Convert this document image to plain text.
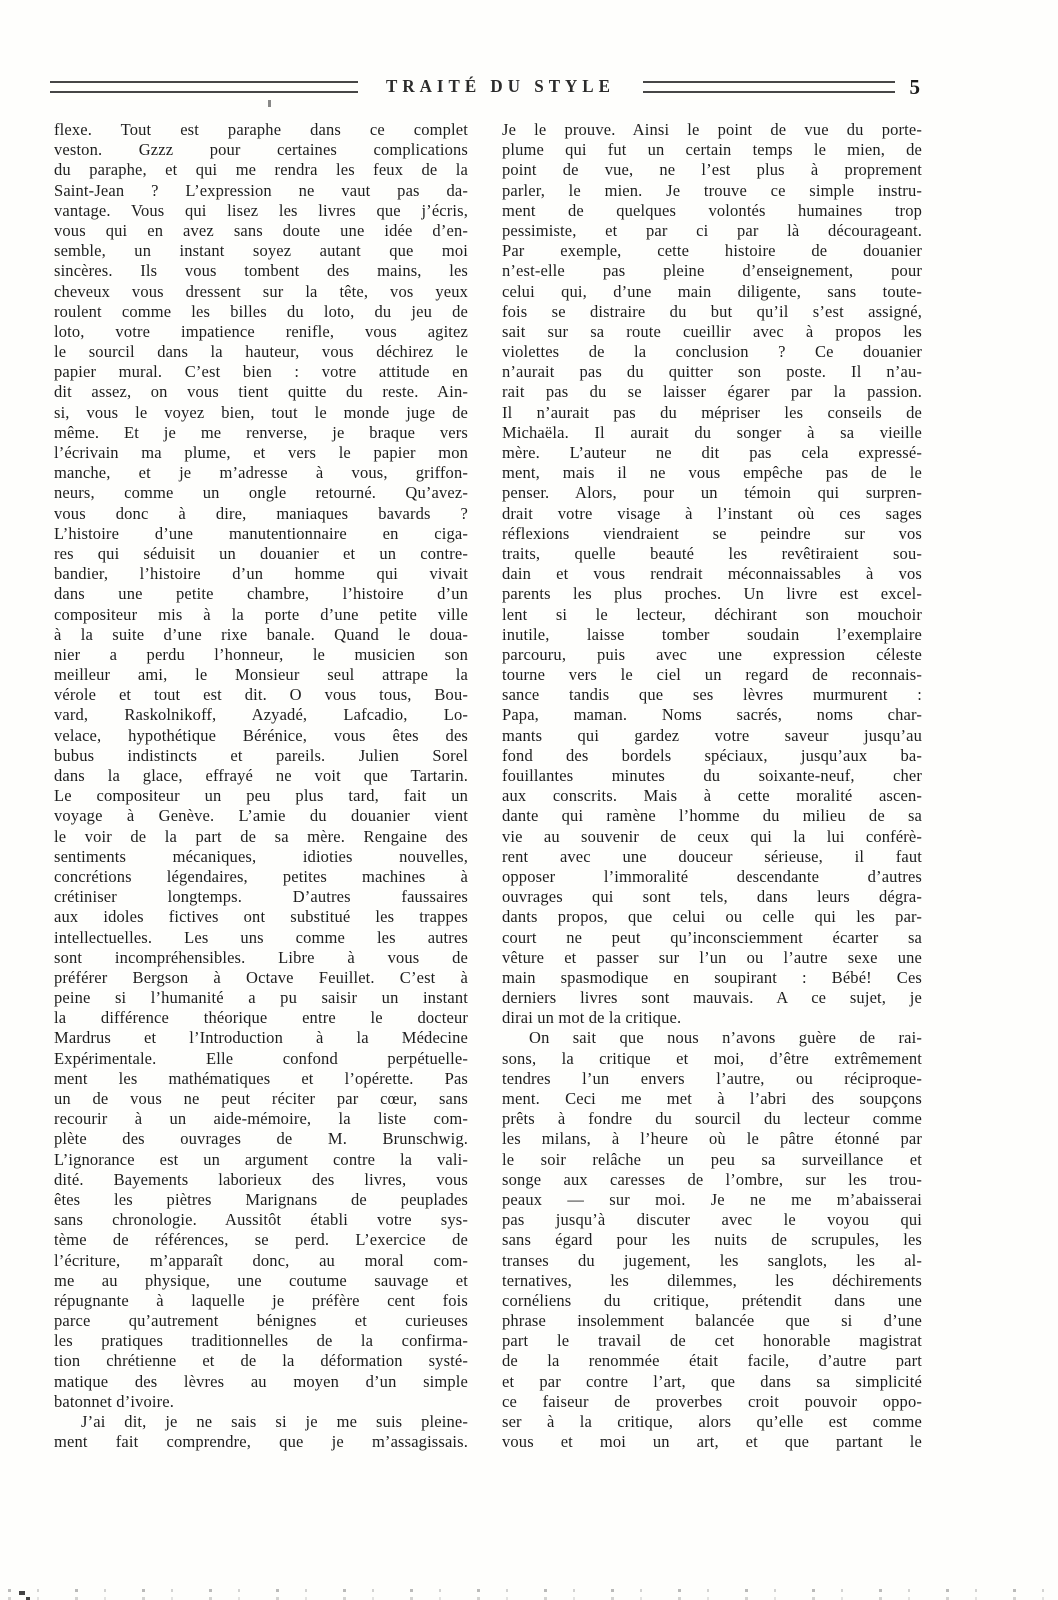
TRAITÉ DU STYLE	5
flexe. Tout est paraphe dans ce complet
veston. Gzzz pour certaines complications
du paraphe, et qui me rendra les feux de la
Saint-Jean ? L’expression ne vaut pas da-
vantage. Vous qui lisez les livres que j’écris,
vous qui en avez sans doute une idée d’en-
semble, un instant soyez autant que moi
sincères. Ils vous tombent des mains, les
cheveux vous dressent sur la tête, vos yeux
roulent comme les billes du loto, du jeu de
loto, votre impatience renifle, vous agitez
le sourcil dans la hauteur, vous déchirez le
papier mural. C’est bien : votre attitude en
dit assez, on vous tient quitte du reste. Ain-
si, vous le voyez bien, tout le monde juge de
même. Et je me renverse, je braque vers
l’écrivain ma plume, et vers le papier mon
manche, et je m’adresse à vous, griffon-
neurs, comme un ongle retourné. Qu’avez-
vous donc à dire, maniaques bavards ?
L’histoire d’une manutentionnaire en ciga-
res qui séduisit un douanier et un contre-
bandier, l’histoire d’un homme qui vivait
dans une petite chambre, l’histoire d’un
compositeur mis à la porte d’une petite ville
à la suite d’une rixe banale. Quand le doua-
nier a perdu l’honneur, le musicien son
meilleur ami, le Monsieur seul attrape la
vérole et tout est dit. O vous tous, Bou-
vard, Raskolnikoff, Azyadé, Lafcadio, Lo-
velace, hypothétique Bérénice, vous êtes des
bubus indistincts et pareils. Julien Sorel
dans la glace, effrayé ne voit que Tartarin.
Le compositeur un peu plus tard, fait un
voyage à Genève. L’amie du douanier vient
le voir de la part de sa mère. Rengaine des
sentiments mécaniques, idioties nouvelles,
concrétions légendaires, petites machines à
crétiniser longtemps. D’autres faussaires
aux idoles fictives ont substitué les trappes
intellectuelles. Les uns comme les autres
sont incompréhensibles. Libre à vous de
préférer Bergson à Octave Feuillet. C’est à
peine si l’humanité a pu saisir un instant
la différence théorique entre le docteur
Mardrus et l’Introduction à la Médecine
Expérimentale. Elle confond perpétuelle-
ment les mathématiques et l’opérette. Pas
un de vous ne peut réciter par cœur, sans
recourir à un aide-mémoire, la liste com-
plète des ouvrages de M. Brunschwig.
L’ignorance est un argument contre la vali-
dité. Bayements laborieux des livres, vous
êtes les piètres Marignans de peuplades
sans chronologie. Aussitôt établi votre sys-
tème de références, se perd. L’exercice de
l’écriture, m’apparaît donc, au moral com-
me au physique, une coutume sauvage et
répugnante à laquelle je préfère cent fois
parce qu’autrement bénignes et curieuses
les pratiques traditionnelles de la confirma-
tion chrétienne et de la déformation systé-
matique des lèvres au moyen d’un simple
batonnet d’ivoire.
J’ai dit, je ne sais si je me suis pleine-
ment fait comprendre, que je m’assagissais.
Je le prouve. Ainsi le point de vue du porte-
plume qui fut un certain temps le mien, de
point de vue, ne l’est plus à proprement
parler, le mien. Je trouve ce simple instru-
ment de quelques volontés humaines trop
pessimiste, et par ci par là décourageant.
Par exemple, cette histoire de douanier
n’est-elle pas pleine d’enseignement, pour
celui qui, d’une main diligente, sans toute-
fois se distraire du but qu’il s’est assigné,
sait sur sa route cueillir avec à propos les
violettes de la conclusion ? Ce douanier
n’aurait pas du quitter son poste. Il n’au-
rait pas du se laisser égarer par la passion.
Il n’aurait pas du mépriser les conseils de
Michaëla. Il aurait du songer à sa vieille
mère. L’auteur ne dit pas cela expressé-
ment, mais il ne vous empêche pas de le
penser. Alors, pour un témoin qui surpren-
drait votre visage à l’instant où ces sages
réflexions viendraient se peindre sur vos
traits, quelle beauté les revêtiraient sou-
dain et vous rendrait méconnaissables à vos
parents les plus proches. Un livre est excel-
lent si le lecteur, déchirant son mouchoir
inutile, laisse tomber soudain l’exemplaire
parcouru, puis avec une expression céleste
tourne vers le ciel un regard de reconnais-
sance tandis que ses lèvres murmurent :
Papa, maman. Noms sacrés, noms char-
mants qui gardez votre saveur jusqu’au
fond des bordels spéciaux, jusqu’aux ba-
fouillantes minutes du soixante-neuf, cher
aux conscrits. Mais à cette moralité ascen-
dante qui ramène l’homme du milieu de sa
vie au souvenir de ceux qui la lui conférè-
rent avec une douceur sérieuse, il faut
opposer l’immoralité descendante d’autres
ouvrages qui sont tels, dans leurs dégra-
dants propos, que celui ou celle qui les par-
court ne peut qu’inconsciemment écarter sa
vêture et passer sur l’un ou l’autre sexe une
main spasmodique en soupirant : Bébé! Ces
derniers livres sont mauvais. A ce sujet, je
dirai un mot de la critique.
On sait que nous n’avons guère de rai-
sons, la critique et moi, d’être extrêmement
tendres l’un envers l’autre, ou réciproque-
ment. Ceci me met à l’abri des soupçons
prêts à fondre du sourcil du lecteur comme
les milans, à l’heure où le pâtre étonné par
le soir relâche un peu sa surveillance et
songe aux caresses de l’ombre, sur les trou-
peaux — sur moi. Je ne me m’abaisserai
pas jusqu’à discuter avec le voyou qui
sans égard pour les nuits de scrupules, les
transes du jugement, les sanglots, les al-
ternatives, les dilemmes, les déchirements
cornéliens du critique, prétendit dans une
phrase insolemment balancée que si d’une
part le travail de cet honorable magistrat
de la renommée était facile, d’autre part
et par contre l’art, que dans sa simplicité
ce faiseur de proverbes croit pouvoir oppo-
ser à la critique, alors qu’elle est comme
vous et moi un art, et que partant le
